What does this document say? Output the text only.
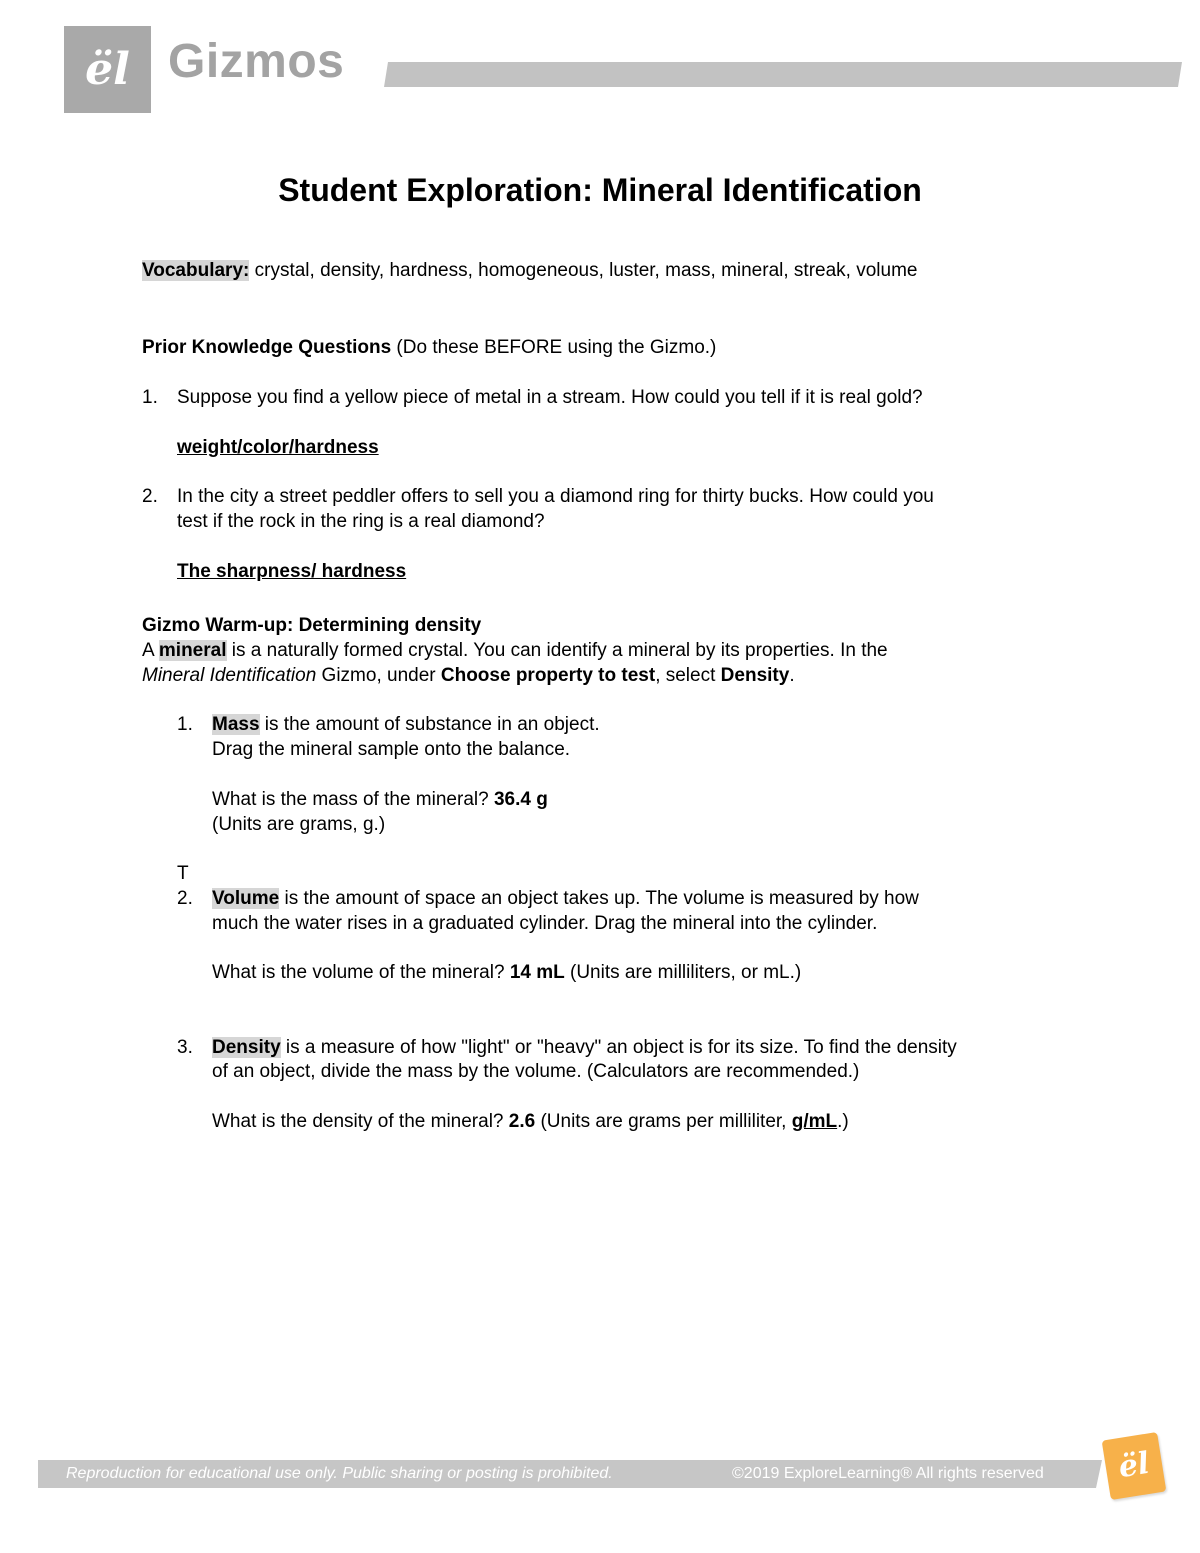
ël Gizmos
Student Exploration: Mineral Identification
Vocabulary: crystal, density, hardness, homogeneous, luster, mass, mineral, streak, volume
Prior Knowledge Questions (Do these BEFORE using the Gizmo.)
1. Suppose you find a yellow piece of metal in a stream. How could you tell if it is real gold?
weight/color/hardness
2. In the city a street peddler offers to sell you a diamond ring for thirty bucks. How could you
test if the rock in the ring is a real diamond?
The sharpness/ hardness
Gizmo Warm-up: Determining density
A mineral is a naturally formed crystal. You can identify a mineral by its properties. In the
Mineral Identification Gizmo, under Choose property to test, select Density.
1. Mass is the amount of substance in an object.
Drag the mineral sample onto the balance.
What is the mass of the mineral? 36.4 g
(Units are grams, g.)
T
2. Volume is the amount of space an object takes up. The volume is measured by how
much the water rises in a graduated cylinder. Drag the mineral into the cylinder.
What is the volume of the mineral? 14 mL (Units are milliliters, or mL.)
3. Density is a measure of how "light" or "heavy" an object is for its size. To find the density
of an object, divide the mass by the volume. (Calculators are recommended.)
What is the density of the mineral? 2.6 (Units are grams per milliliter, g/mL.)
Reproduction for educational use only. Public sharing or posting is prohibited.	©2019 ExploreLearning® All rights reserved ël
